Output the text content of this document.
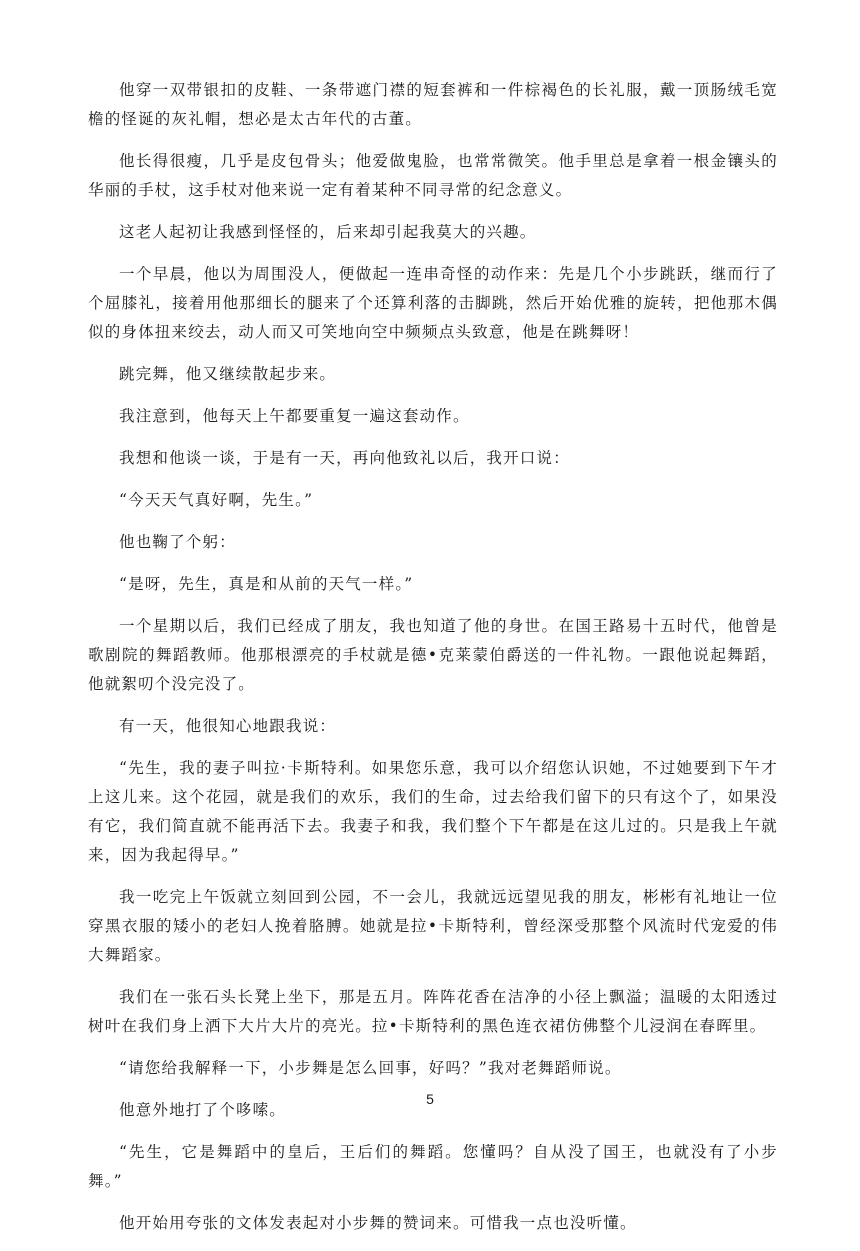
他穿一双带银扣的皮鞋、一条带遮门襟的短套裤和一件棕褐色的长礼服，戴一顶肠绒毛宽檐的怪诞的灰礼帽，想必是太古年代的古董。

他长得很瘦，几乎是皮包骨头；他爱做鬼脸，也常常微笑。他手里总是拿着一根金镶头的华丽的手杖，这手杖对他来说一定有着某种不同寻常的纪念意义。

这老人起初让我感到怪怪的，后来却引起我莫大的兴趣。

一个早晨，他以为周围没人，便做起一连串奇怪的动作来：先是几个小步跳跃，继而行了个屈膝礼，接着用他那细长的腿来了个还算利落的击脚跳，然后开始优雅的旋转，把他那木偶似的身体扭来绞去，动人而又可笑地向空中频频点头致意，他是在跳舞呀！

跳完舞，他又继续散起步来。

我注意到，他每天上午都要重复一遍这套动作。

我想和他谈一谈，于是有一天，再向他致礼以后，我开口说：

“今天天气真好啊，先生。”

他也鞠了个躬：

“是呀，先生，真是和从前的天气一样。”

一个星期以后，我们已经成了朋友，我也知道了他的身世。在国王路易十五时代，他曾是歌剧院的舞蹈教师。他那根漂亮的手杖就是德•克莱蒙伯爵送的一件礼物。一跟他说起舞蹈，他就絮叨个没完没了。

有一天，他很知心地跟我说：

“先生，我的妻子叫拉·卡斯特利。如果您乐意，我可以介绍您认识她，不过她要到下午才上这儿来。这个花园，就是我们的欢乐，我们的生命，过去给我们留下的只有这个了，如果没有它，我们简直就不能再活下去。我妻子和我，我们整个下午都是在这儿过的。只是我上午就来，因为我起得早。”

我一吃完上午饭就立刻回到公园，不一会儿，我就远远望见我的朋友，彬彬有礼地让一位穿黑衣服的矮小的老妇人挽着胳膊。她就是拉•卡斯特利，曾经深受那整个风流时代宠爱的伟大舞蹈家。

我们在一张石头长凳上坐下，那是五月。阵阵花香在洁净的小径上飘溢；温暖的太阳透过树叶在我们身上洒下大片大片的亮光。拉•卡斯特利的黑色连衣裙仿佛整个儿浸润在春晖里。

“请您给我解释一下，小步舞是怎么回事，好吗？”我对老舞蹈师说。

他意外地打了个哆嗦。

“先生，它是舞蹈中的皇后，王后们的舞蹈。您懂吗？自从没了国王，也就没有了小步舞。”

他开始用夸张的文体发表起对小步舞的赞词来。可惜我一点也没听懂。

5
